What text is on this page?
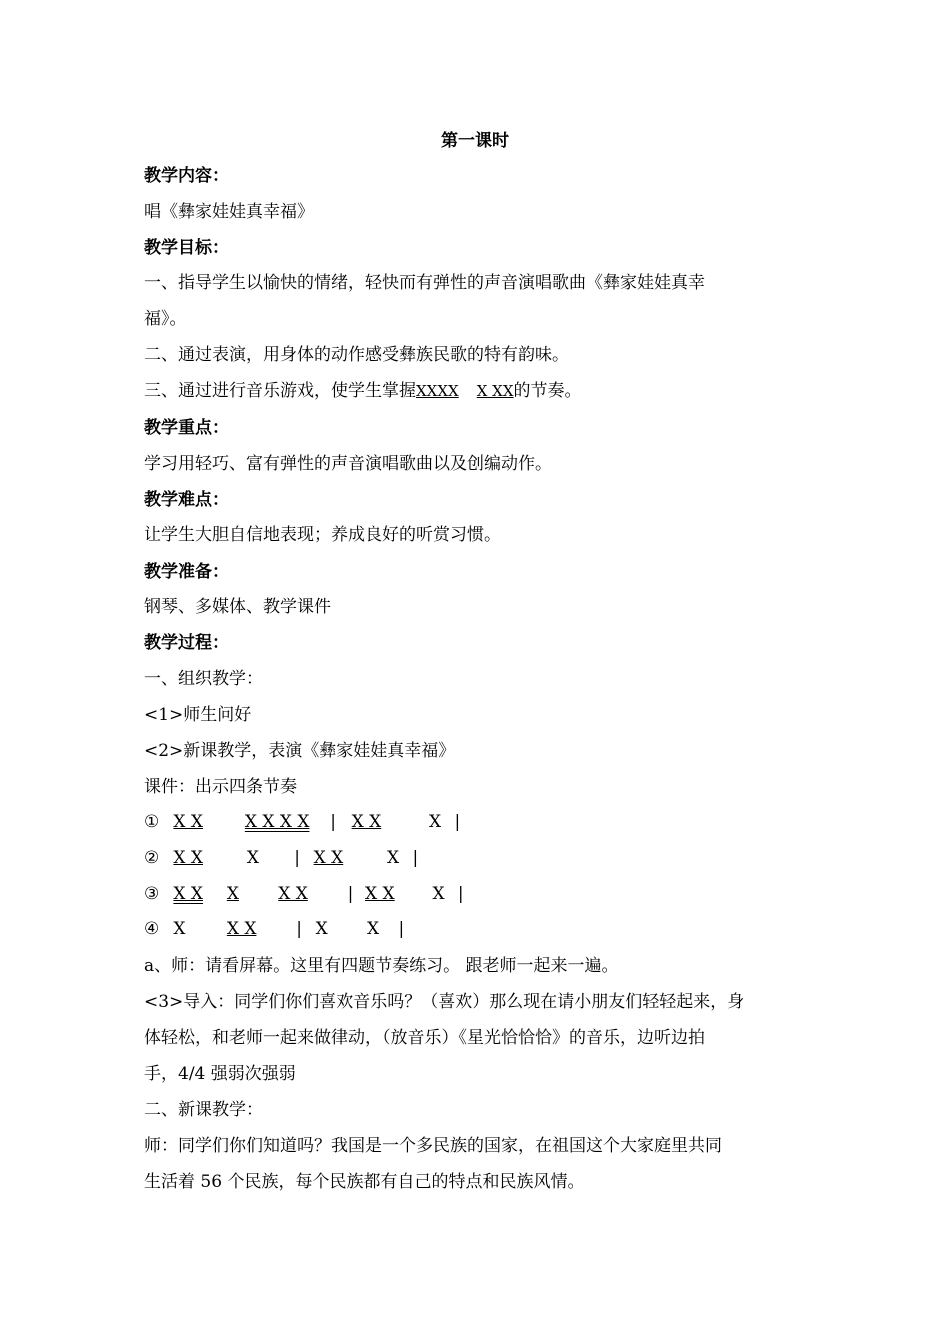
第一课时
教学内容：
唱《彝家娃娃真幸福》
教学目标：
一、指导学生以愉快的情绪，轻快而有弹性的声音演唱歌曲《彝家娃娃真幸
福》。
二、通过表演，用身体的动作感受彝族民歌的特有韵味。
三、通过进行音乐游戏，使学生掌握XXXX X XX的节奏。
教学重点：
学习用轻巧、富有弹性的声音演唱歌曲以及创编动作。
教学难点：
让学生大胆自信地表现；养成良好的听赏习惯。
教学准备：
钢琴、多媒体、教学课件
教学过程：
一、组织教学：
<1>师生问好
<2>新课教学，表演《彝家娃娃真幸福》
课件：出示四条节奏
① X X X X X X | X X	X |
② X X	X | X X	X |
③ X X X X X | X X X |
④ X X X | X X |
a、师：请看屏幕。这里有四题节奏练习。 跟老师一起来一遍。
<3>导入：同学们你们喜欢音乐吗？（喜欢）那么现在请小朋友们轻轻起来，身
体轻松，和老师一起来做律动，（放音乐）《星光恰恰恰》的音乐，边听边拍
手，4/4 强弱次强弱
二、新课教学：
师：同学们你们知道吗？我国是一个多民族的国家，在祖国这个大家庭里共同
生活着 56 个民族，每个民族都有自己的特点和民族风情。
